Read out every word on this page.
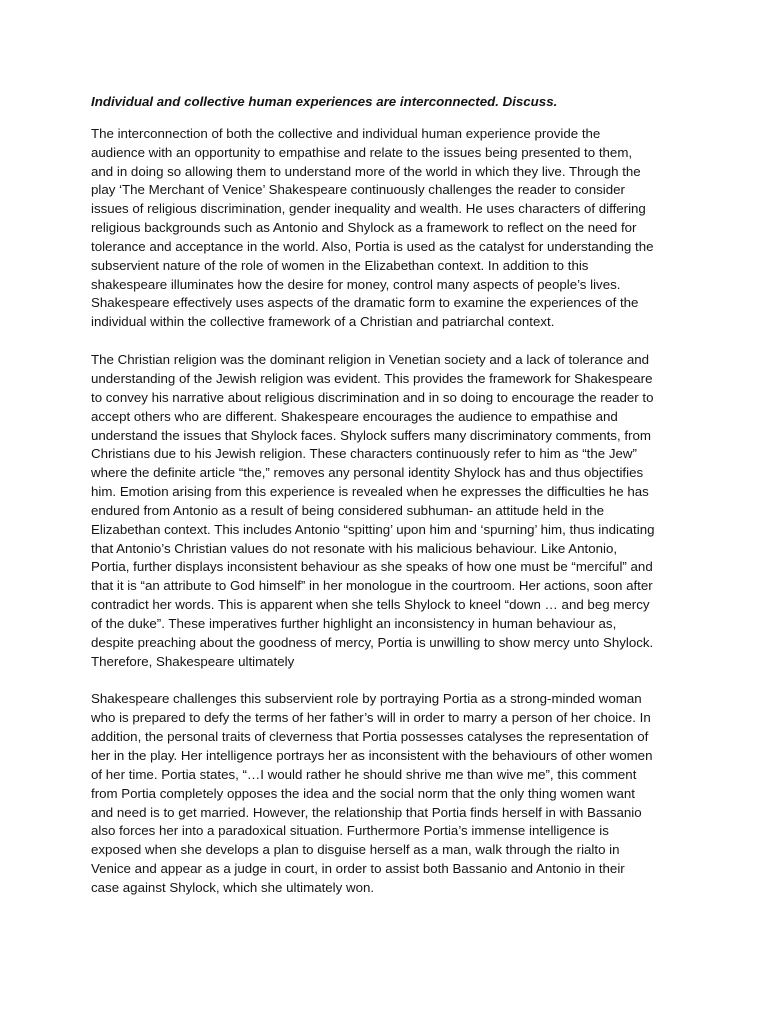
Individual and collective human experiences are interconnected. Discuss.
The interconnection of both the collective and individual human experience provide the
audience with an opportunity to empathise and relate to the issues being presented to them,
and in doing so allowing them to understand more of the world in which they live. Through the
play ‘The Merchant of Venice’ Shakespeare continuously challenges the reader to consider
issues of religious discrimination, gender inequality and wealth. He uses characters of differing
religious backgrounds such as Antonio and Shylock as a framework to reflect on the need for
tolerance and acceptance in the world. Also, Portia is used as the catalyst for understanding the
subservient nature of the role of women in the Elizabethan context. In addition to this
shakespeare illuminates how the desire for money, control many aspects of people’s lives.
Shakespeare effectively uses aspects of the dramatic form to examine the experiences of the
individual within the collective framework of a Christian and patriarchal context.
The Christian religion was the dominant religion in Venetian society and a lack of tolerance and
understanding of the Jewish religion was evident. This provides the framework for Shakespeare
to convey his narrative about religious discrimination and in so doing to encourage the reader to
accept others who are different. Shakespeare encourages the audience to empathise and
understand the issues that Shylock faces. Shylock suffers many discriminatory comments, from
Christians due to his Jewish religion. These characters continuously refer to him as “the Jew”
where the definite article “the,” removes any personal identity Shylock has and thus objectifies
him. Emotion arising from this experience is revealed when he expresses the difficulties he has
endured from Antonio as a result of being considered subhuman- an attitude held in the
Elizabethan context. This includes Antonio “spitting’ upon him and ‘spurning’ him, thus indicating
that Antonio’s Christian values do not resonate with his malicious behaviour. Like Antonio,
Portia, further displays inconsistent behaviour as she speaks of how one must be “merciful” and
that it is “an attribute to God himself” in her monologue in the courtroom. Her actions, soon after
contradict her words. This is apparent when she tells Shylock to kneel “down … and beg mercy
of the duke”. These imperatives further highlight an inconsistency in human behaviour as,
despite preaching about the goodness of mercy, Portia is unwilling to show mercy unto Shylock.
Therefore, Shakespeare ultimately
Shakespeare challenges this subservient role by portraying Portia as a strong-minded woman
who is prepared to defy the terms of her father’s will in order to marry a person of her choice. In
addition, the personal traits of cleverness that Portia possesses catalyses the representation of
her in the play. Her intelligence portrays her as inconsistent with the behaviours of other women
of her time. Portia states, “…I would rather he should shrive me than wive me”, this comment
from Portia completely opposes the idea and the social norm that the only thing women want
and need is to get married. However, the relationship that Portia finds herself in with Bassanio
also forces her into a paradoxical situation. Furthermore Portia’s immense intelligence is
exposed when she develops a plan to disguise herself as a man, walk through the rialto in
Venice and appear as a judge in court, in order to assist both Bassanio and Antonio in their
case against Shylock, which she ultimately won.
